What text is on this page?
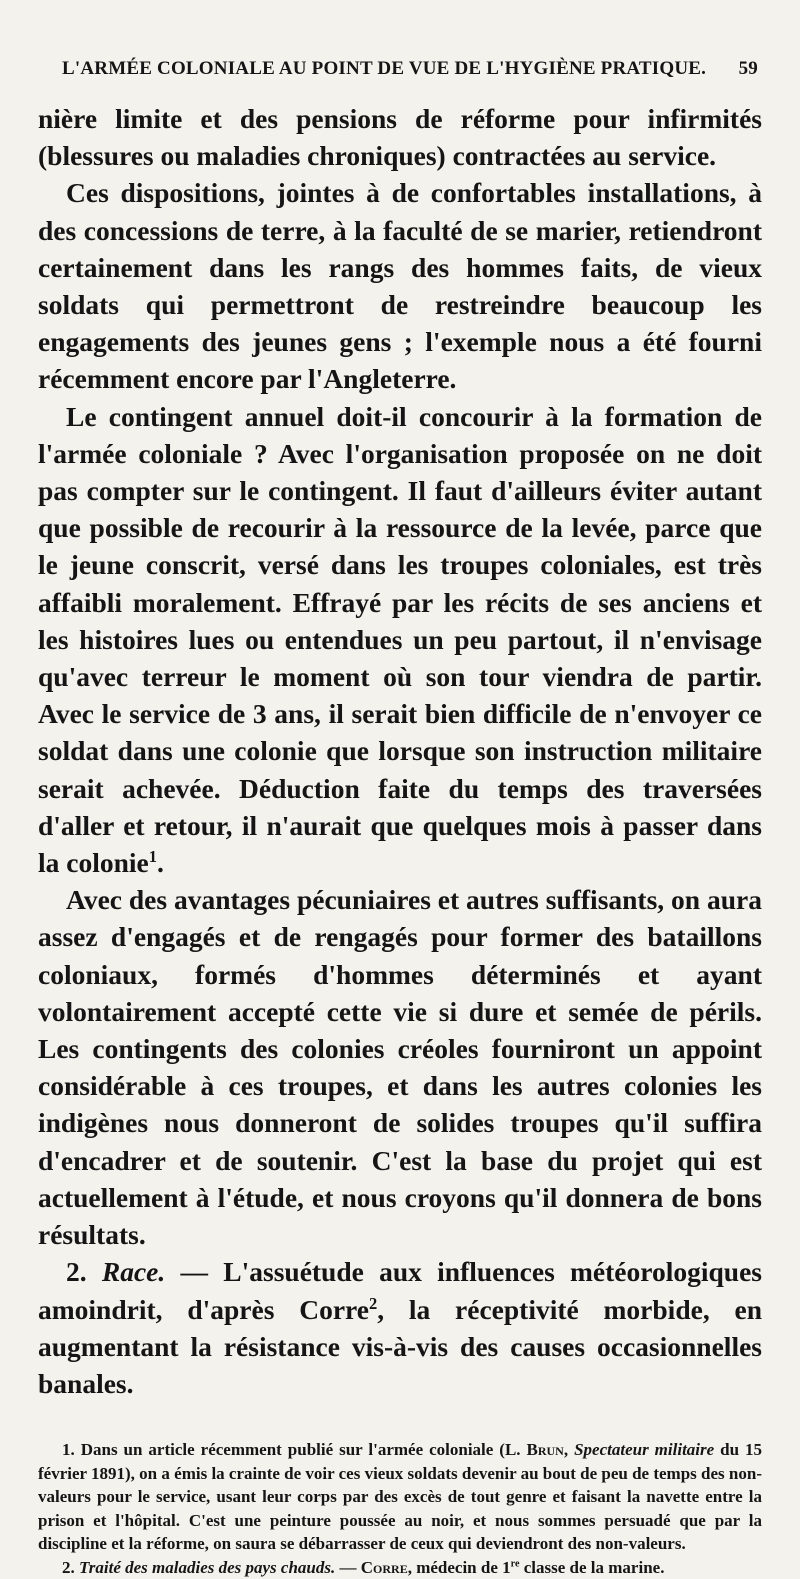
L'ARMÉE COLONIALE AU POINT DE VUE DE L'HYGIÈNE PRATIQUE. 59

nière limite et des pensions de réforme pour infirmités (blessures ou maladies chroniques) contractées au service.

Ces dispositions, jointes à de confortables installations, à des concessions de terre, à la faculté de se marier, retiendront certainement dans les rangs des hommes faits, de vieux soldats qui permettront de restreindre beaucoup les engagements des jeunes gens ; l'exemple nous a été fourni récemment encore par l'Angleterre.

Le contingent annuel doit-il concourir à la formation de l'armée coloniale ? Avec l'organisation proposée on ne doit pas compter sur le contingent. Il faut d'ailleurs éviter autant que possible de recourir à la ressource de la levée, parce que le jeune conscrit, versé dans les troupes coloniales, est très affaibli moralement. Effrayé par les récits de ses anciens et les histoires lues ou entendues un peu partout, il n'envisage qu'avec terreur le moment où son tour viendra de partir. Avec le service de 3 ans, il serait bien difficile de n'envoyer ce soldat dans une colonie que lorsque son instruction militaire serait achevée. Déduction faite du temps des traversées d'aller et retour, il n'aurait que quelques mois à passer dans la colonie$^1$.

Avec des avantages pécuniaires et autres suffisants, on aura assez d'engagés et de rengagés pour former des bataillons coloniaux, formés d'hommes déterminés et ayant volontairement accepté cette vie si dure et semée de périls. Les contingents des colonies créoles fourniront un appoint considérable à ces troupes, et dans les autres colonies les indigènes nous donneront de solides troupes qu'il suffira d'encadrer et de soutenir. C'est la base du projet qui est actuellement à l'étude, et nous croyons qu'il donnera de bons résultats.

2. Race. — L'assuétude aux influences météorologiques amoindrit, d'après Corre$^2$, la réceptivité morbide, en augmentant la résistance vis-à-vis des causes occasionnelles banales.

1. Dans un article récemment publié sur l'armée coloniale (L. Brun, Spectateur militaire du 15 février 1891), on a émis la crainte de voir ces vieux soldats devenir au bout de peu de temps des non-valeurs pour le service, usant leur corps par des excès de tout genre et faisant la navette entre la prison et l'hôpital. C'est une peinture poussée au noir, et nous sommes persuadé que par la discipline et la réforme, on saura se débarrasser de ceux qui deviendront des non-valeurs.

2. Traité des maladies des pays chauds. — Corre, médecin de 1re classe de la marine.
